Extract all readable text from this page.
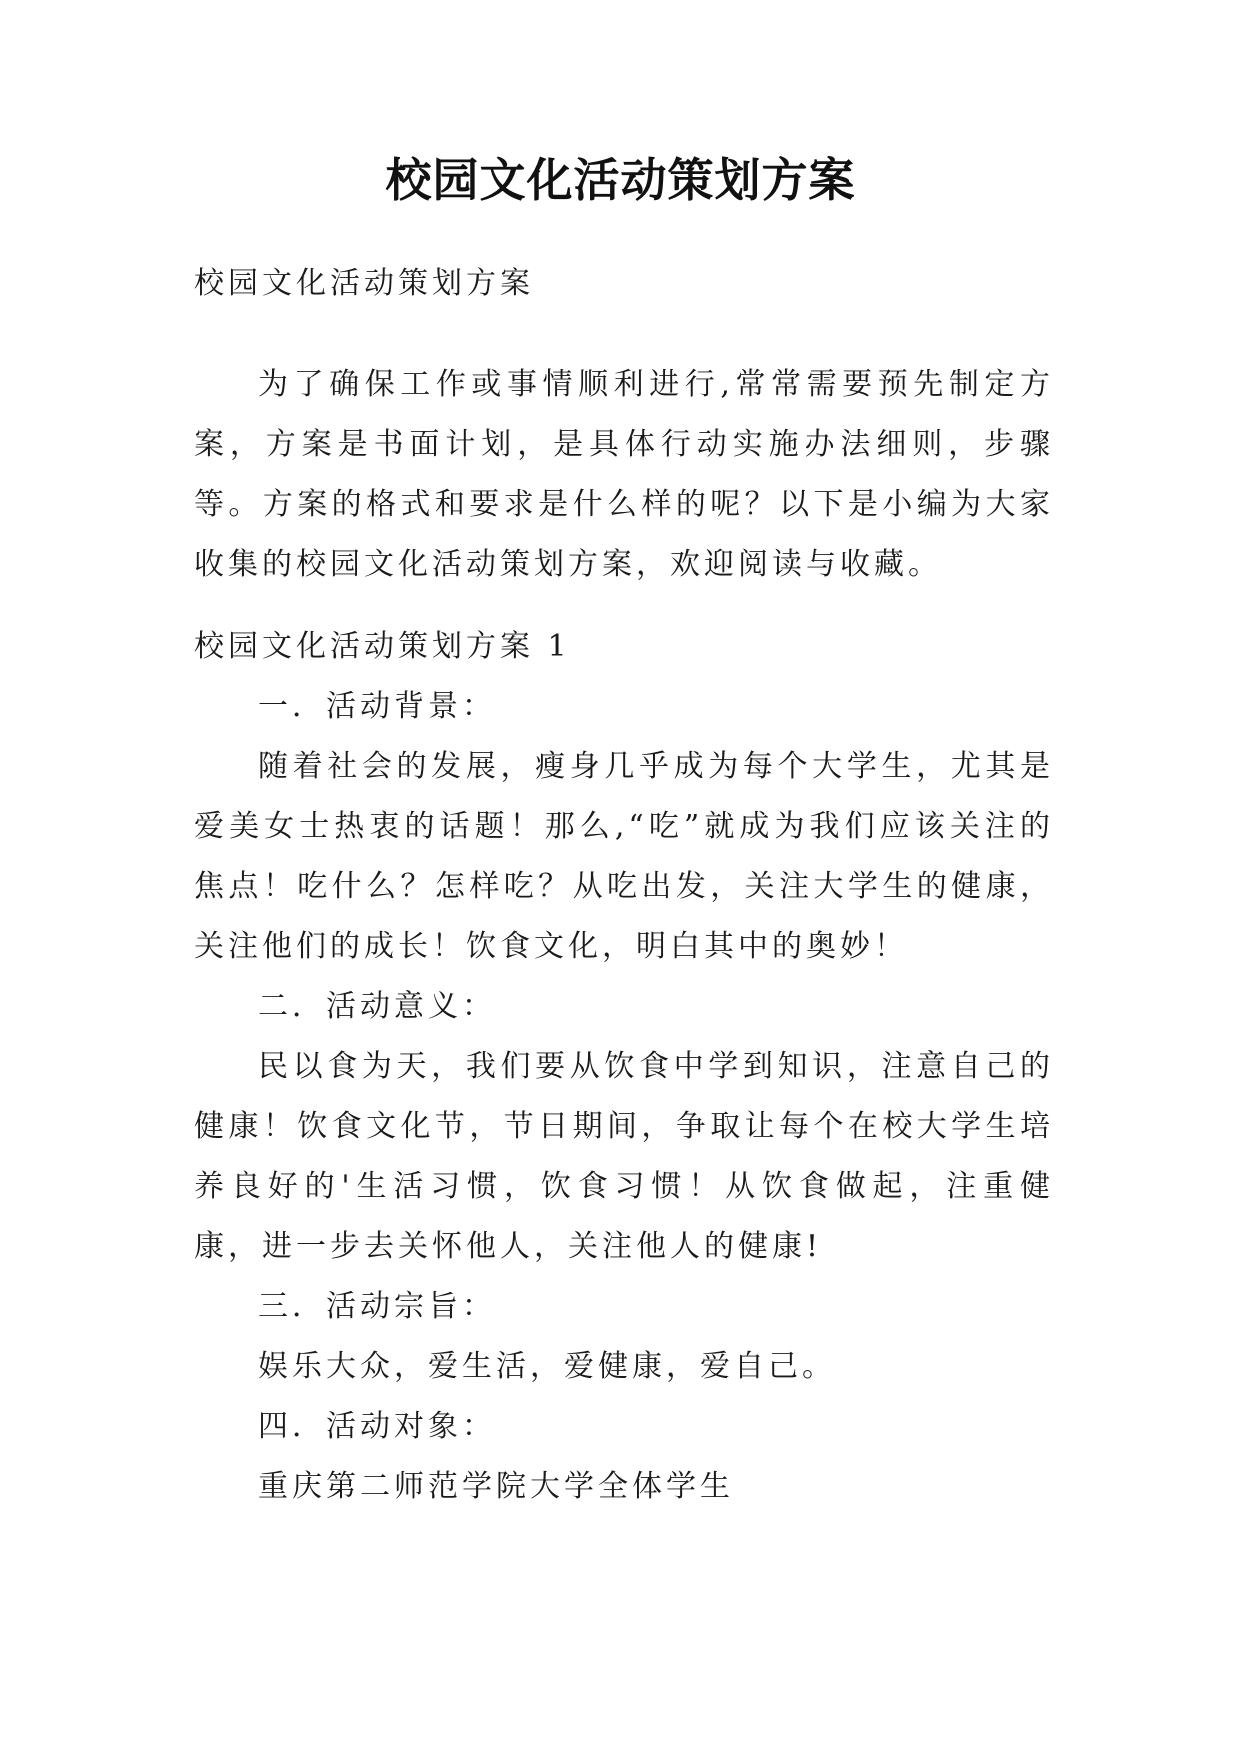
校园文化活动策划方案

校园文化活动策划方案

为了确保工作或事情顺利进行,常常需要预先制定方案，方案是书面计划，是具体行动实施办法细则，步骤等。方案的格式和要求是什么样的呢？以下是小编为大家收集的校园文化活动策划方案，欢迎阅读与收藏。

校园文化活动策划方案 1

一．活动背景：

随着社会的发展，瘦身几乎成为每个大学生，尤其是爱美女士热衷的话题！那么,“吃”就成为我们应该关注的焦点！吃什么？怎样吃？从吃出发，关注大学生的健康，关注他们的成长！饮食文化，明白其中的奥妙！

二．活动意义：

民以食为天，我们要从饮食中学到知识，注意自己的健康！饮食文化节，节日期间，争取让每个在校大学生培养良好的'生活习惯，饮食习惯！从饮食做起，注重健康，进一步去关怀他人，关注他人的健康!

三．活动宗旨：

娱乐大众，爱生活，爱健康，爱自己。

四．活动对象：

重庆第二师范学院大学全体学生
